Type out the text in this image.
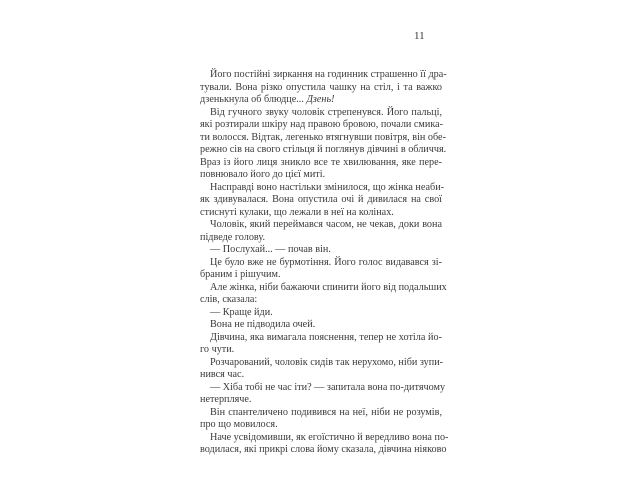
11
Його постійні зиркання на годинник страшенно її дра-
тували. Вона різко опустила чашку на стіл, і та важко
дзенькнула об блюдце... Дзень!
Від гучного звуку чоловік стрепенувся. Його пальці,
які розтирали шкіру над правою бровою, почали смика-
ти волосся. Відтак, легенько втягнувши повітря, він обе-
режно сів на свого стільця й поглянув дівчині в обличчя.
Враз із його лиця зникло все те хвилювання, яке пере-
повнювало його до цієї миті.
Насправді воно настільки змінилося, що жінка неаби-
як здивувалася. Вона опустила очі й дивилася на свої
стиснуті кулаки, що лежали в неї на колінах.
Чоловік, який переймався часом, не чекав, доки вона
підведе голову.
— Послухай... — почав він.
Це було вже не бурмотіння. Його голос видавався зі-
браним і рішучим.
Але жінка, ніби бажаючи спинити його від подальших
слів, сказала:
— Краще йди.
Вона не підводила очей.
Дівчина, яка вимагала пояснення, тепер не хотіла йо-
го чути.
Розчарований, чоловік сидів так нерухомо, ніби зупи-
нився час.
— Хіба тобі не час іти? — запитала вона по-дитячому
нетерпляче.
Він спантеличено подивився на неї, ніби не розумів,
про що мовилося.
Наче усвідомивши, як егоїстично й вередливо вона по-
водилася, які прикрі слова йому сказала, дівчина ніяково
